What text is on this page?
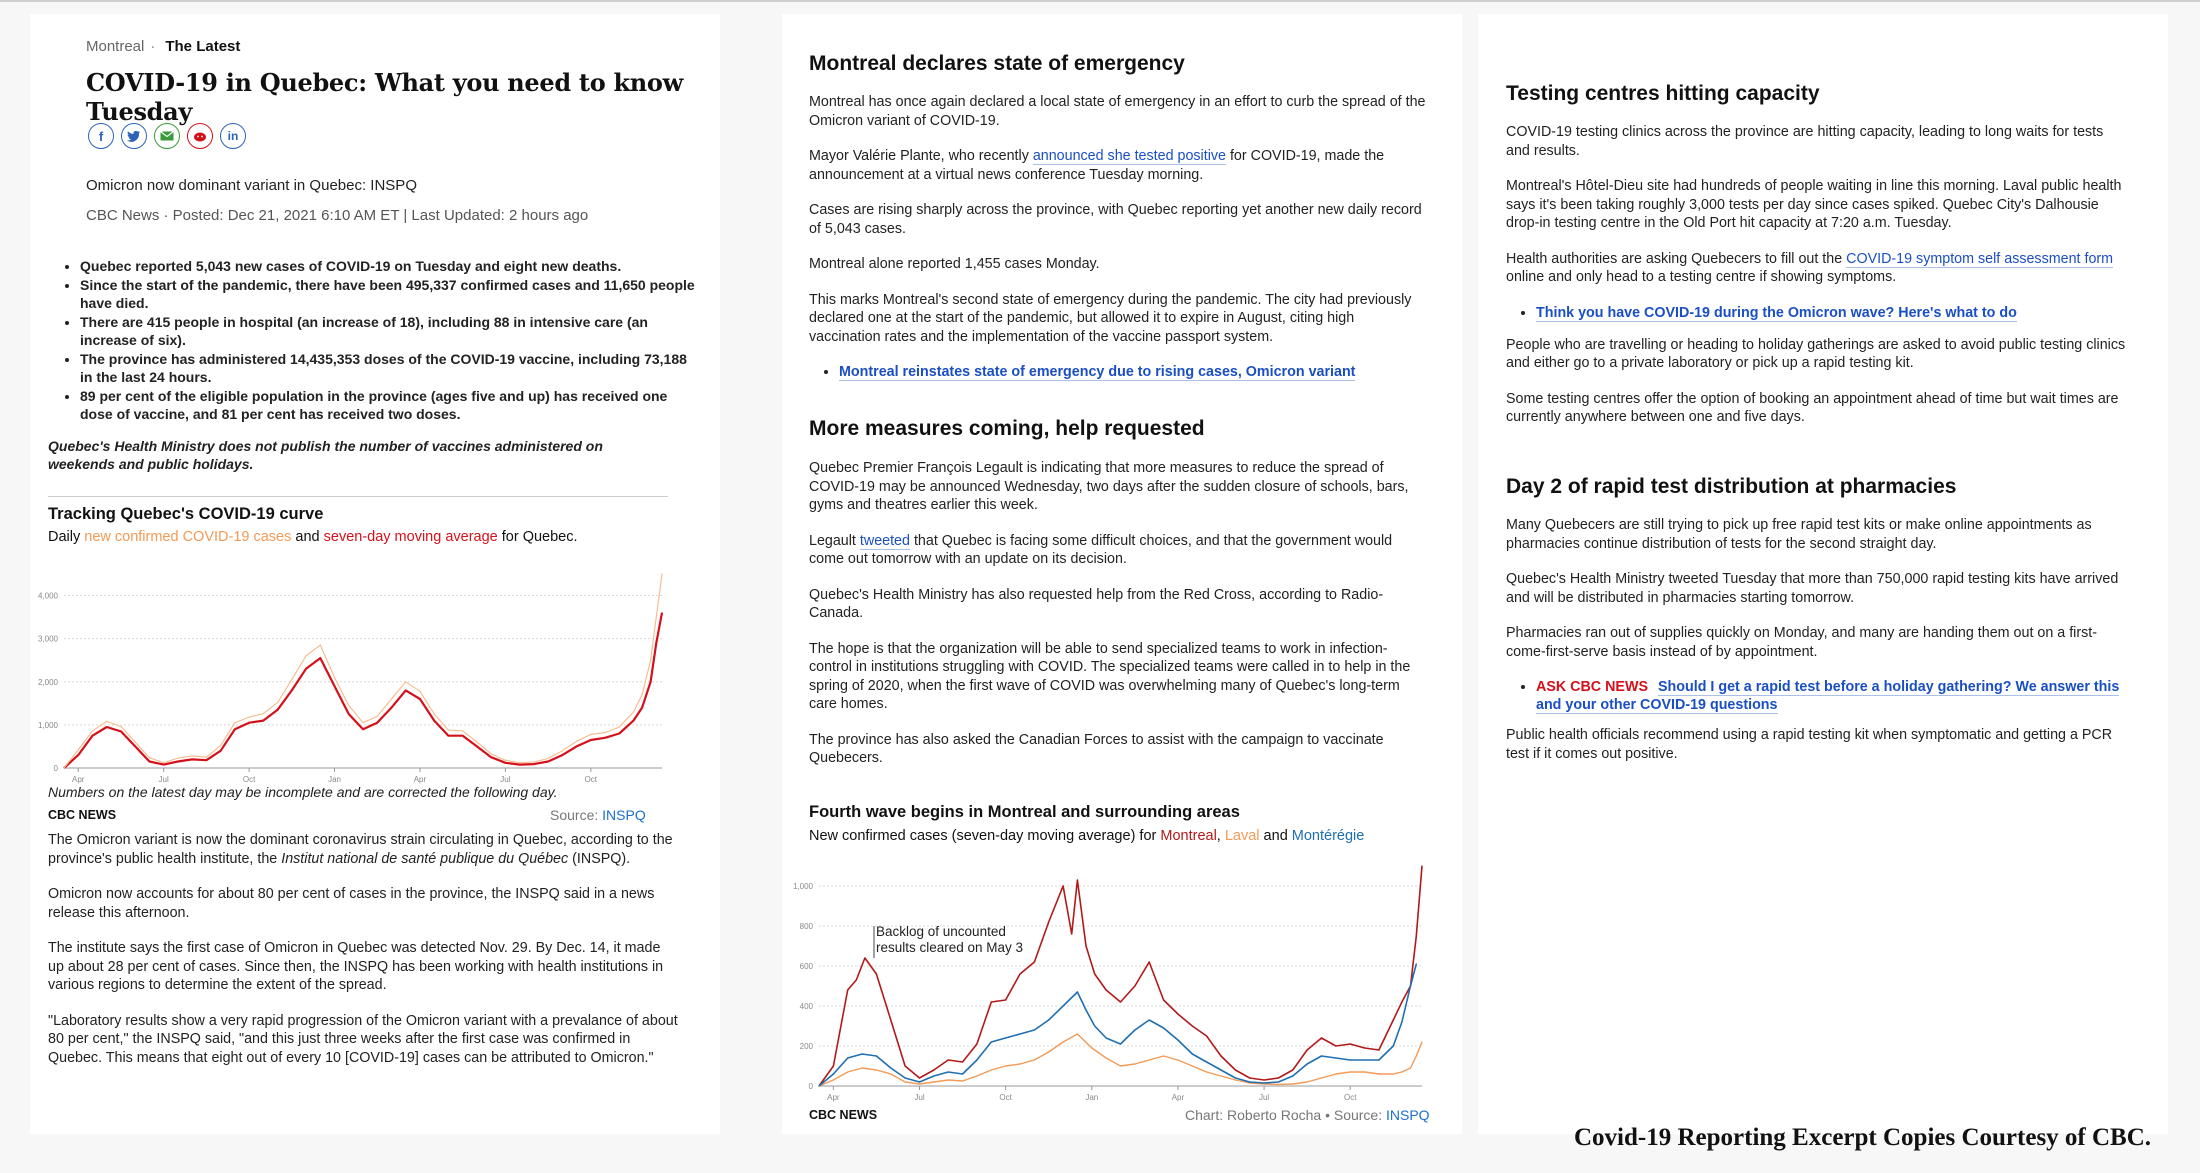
Montreal · The Latest
COVID-19 in Quebec: What you need to know Tuesday
f	in
Omicron now dominant variant in Quebec: INSPQ
CBC News · Posted: Dec 21, 2021 6:10 AM ET | Last Updated: 2 hours ago
• Quebec reported 5,043 new cases of COVID-19 on Tuesday and eight new deaths.
• Since the start of the pandemic, there have been 495,337 confirmed cases and 11,650 people have died.
• There are 415 people in hospital (an increase of 18), including 88 in intensive care (an increase of six).
• The province has administered 14,435,353 doses of the COVID-19 vaccine, including 73,188 in the last 24 hours.
• 89 per cent of the eligible population in the province (ages five and up) has received one dose of vaccine, and 81 per cent has received two doses.
Quebec's Health Ministry does not publish the number of vaccines administered on weekends and public holidays.
Tracking Quebec's COVID-19 curve
Daily new confirmed COVID-19 cases and seven-day moving average for Quebec.
0
1,000
2,000
3,000
4,000
Apr	Jul	Oct	Jan	Apr	Jul	Oct
Numbers on the latest day may be incomplete and are corrected the following day.
CBC NEWS	Source: INSPQ

The Omicron variant is now the dominant coronavirus strain circulating in Quebec, according to the province's public health institute, the Institut national de santé publique du Québec (INSPQ).

Omicron now accounts for about 80 per cent of cases in the province, the INSPQ said in a news release this afternoon.

The institute says the first case of Omicron in Quebec was detected Nov. 29. By Dec. 14, it made up about 28 per cent of cases. Since then, the INSPQ has been working with health institutions in various regions to determine the extent of the spread.

"Laboratory results show a very rapid progression of the Omicron variant with a prevalance of about 80 per cent," the INSPQ said, "and this just three weeks after the first case was confirmed in Quebec. This means that eight out of every 10 [COVID-19] cases can be attributed to Omicron."

Montreal declares state of emergency

Montreal has once again declared a local state of emergency in an effort to curb the spread of the Omicron variant of COVID-19.

Mayor Valérie Plante, who recently announced she tested positive for COVID-19, made the announcement at a virtual news conference Tuesday morning.

Cases are rising sharply across the province, with Quebec reporting yet another new daily record of 5,043 cases.

Montreal alone reported 1,455 cases Monday.

This marks Montreal's second state of emergency during the pandemic. The city had previously declared one at the start of the pandemic, but allowed it to expire in August, citing high vaccination rates and the implementation of the vaccine passport system.

• Montreal reinstates state of emergency due to rising cases, Omicron variant
More measures coming, help requested

Quebec Premier François Legault is indicating that more measures to reduce the spread of COVID-19 may be announced Wednesday, two days after the sudden closure of schools, bars, gyms and theatres earlier this week.

Legault tweeted that Quebec is facing some difficult choices, and that the government would come out tomorrow with an update on its decision.

Quebec's Health Ministry has also requested help from the Red Cross, according to Radio-Canada.

The hope is that the organization will be able to send specialized teams to work in infection-control in institutions struggling with COVID. The specialized teams were called in to help in the spring of 2020, when the first wave of COVID was overwhelming many of Quebec's long-term care homes.

The province has also asked the Canadian Forces to assist with the campaign to vaccinate Quebecers.

Fourth wave begins in Montreal and surrounding areas
New confirmed cases (seven-day moving average) for Montreal, Laval and Montérégie
0
200
400
600
800
1,000
Apr	Jul	Oct	Jan	Apr	Jul	Oct
Backlog of uncounted
results cleared on May 3
CBC NEWS	Chart: Roberto Rocha • Source: INSPQ
Testing centres hitting capacity

COVID-19 testing clinics across the province are hitting capacity, leading to long waits for tests and results.

Montreal's Hôtel-Dieu site had hundreds of people waiting in line this morning. Laval public health says it's been taking roughly 3,000 tests per day since cases spiked. Quebec City's Dalhousie drop-in testing centre in the Old Port hit capacity at 7:20 a.m. Tuesday.

Health authorities are asking Quebecers to fill out the COVID-19 symptom self assessment form online and only head to a testing centre if showing symptoms.

• Think you have COVID-19 during the Omicron wave? Here's what to do

People who are travelling or heading to holiday gatherings are asked to avoid public testing clinics and either go to a private laboratory or pick up a rapid testing kit.

Some testing centres offer the option of booking an appointment ahead of time but wait times are currently anywhere between one and five days.

Day 2 of rapid test distribution at pharmacies

Many Quebecers are still trying to pick up free rapid test kits or make online appointments as pharmacies continue distribution of tests for the second straight day.

Quebec's Health Ministry tweeted Tuesday that more than 750,000 rapid testing kits have arrived and will be distributed in pharmacies starting tomorrow.

Pharmacies ran out of supplies quickly on Monday, and many are handing them out on a first-come-first-serve basis instead of by appointment.

• ASK CBC NEWS Should I get a rapid test before a holiday gathering? We answer this and your other COVID-19 questions

Public health officials recommend using a rapid testing kit when symptomatic and getting a PCR test if it comes out positive.

Covid-19 Reporting Excerpt Copies Courtesy of CBC.
